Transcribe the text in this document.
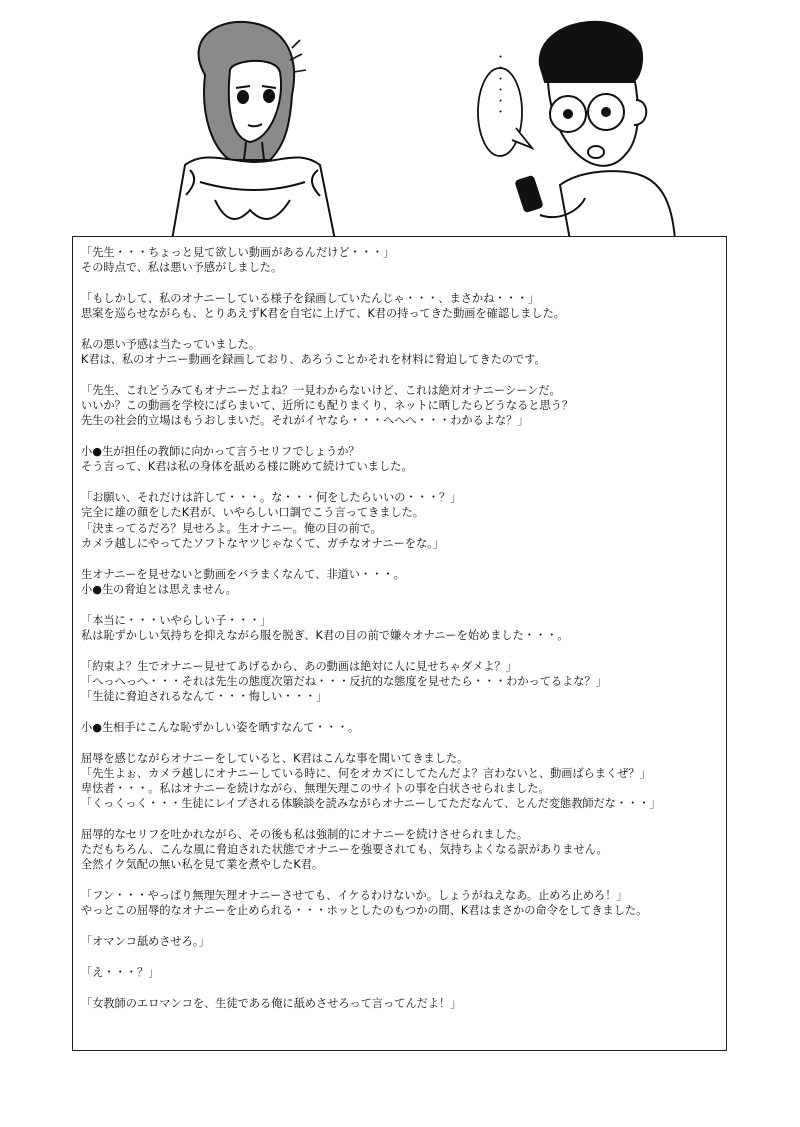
・・・・・・
「先生・・・ちょっと見て欲しい動画があるんだけど・・・」
その時点で、私は悪い予感がしました。
「もしかして、私のオナニーしている様子を録画していたんじゃ・・・、まさかね・・・」
思案を巡らせながらも、とりあえずK君を自宅に上げて、K君の持ってきた動画を確認しました。
私の悪い予感は当たっていました。
K君は、私のオナニー動画を録画しており、あろうことかそれを材料に脅迫してきたのです。
「先生、これどうみてもオナニーだよね？一見わからないけど、これは絶対オナニーシーンだ。
いいか？この動画を学校にばらまいて、近所にも配りまくり、ネットに晒したらどうなると思う？
先生の社会的立場はもうおしまいだ。それがイヤなら・・・へへへ・・・わかるよな？」
小●生が担任の教師に向かって言うセリフでしょうか？
そう言って、K君は私の身体を舐める様に眺めて続けていました。
「お願い、それだけは許して・・・。な・・・何をしたらいいの・・・？」
完全に雄の顔をしたK君が、いやらしい口調でこう言ってきました。
「決まってるだろ？見せろよ。生オナニー。俺の目の前で。
カメラ越しにやってたソフトなヤツじゃなくて、ガチなオナニーをな。」
生オナニーを見せないと動画をバラまくなんて、非道い・・・。
小●生の脅迫とは思えません。
「本当に・・・いやらしい子・・・」
私は恥ずかしい気持ちを抑えながら服を脱ぎ、K君の目の前で嫌々オナニーを始めました・・・。
「約束よ？生でオナニー見せてあげるから、あの動画は絶対に人に見せちゃダメよ？」
「へっへっへ・・・それは先生の態度次第だね・・・反抗的な態度を見せたら・・・わかってるよな？」
「生徒に脅迫されるなんて・・・悔しい・・・」
小●生相手にこんな恥ずかしい姿を晒すなんて・・・。
屈辱を感じながらオナニーをしていると、K君はこんな事を聞いてきました。
「先生よぉ、カメラ越しにオナニーしている時に、何をオカズにしてたんだよ？言わないと、動画ばらまくぜ？」
卑怯者・・・。私はオナニーを続けながら、無理矢理このサイトの事を白状させられました。
「くっくっく・・・生徒にレイプされる体験談を読みながらオナニーしてただなんて、とんだ変態教師だな・・・」
屈辱的なセリフを吐かれながら、その後も私は強制的にオナニーを続けさせられました。
ただもちろん、こんな風に脅迫された状態でオナニーを強要されても、気持ちよくなる訳がありません。
全然イク気配の無い私を見て業を煮やしたK君。
「フン・・・やっぱり無理矢理オナニーさせても、イケるわけないか。しょうがねえなあ。止めろ止めろ！」
やっとこの屈辱的なオナニーを止められる・・・ホッとしたのもつかの間、K君はまさかの命令をしてきました。
「オマンコ舐めさせろ。」
「え・・・？」
「女教師のエロマンコを、生徒である俺に舐めさせろって言ってんだよ！」
